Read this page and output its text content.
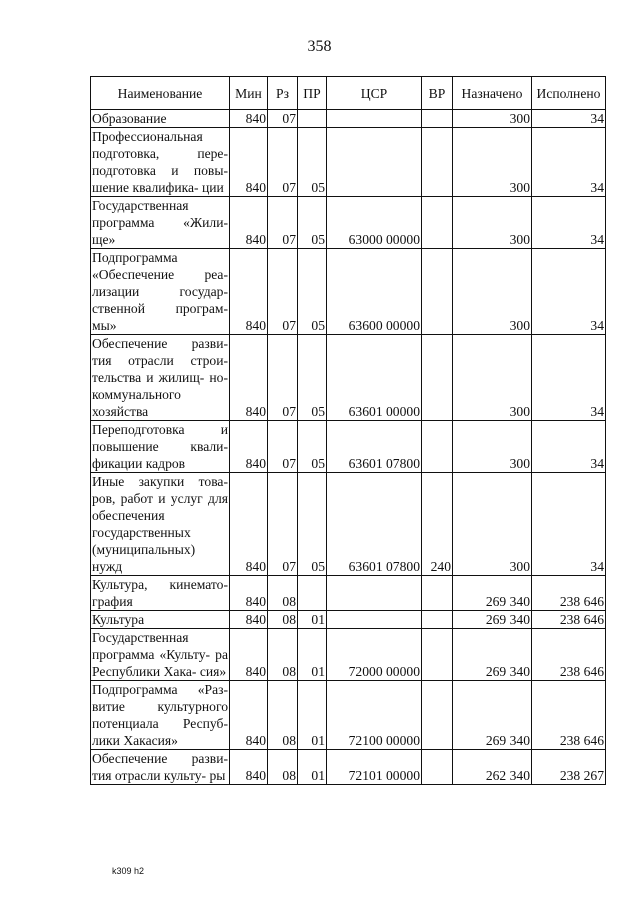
358
Наименование	Мин	Рз	ПР	ЦСР	ВР	Назначено	Исполнено
Образование	840	07				300	34
Профессиональная подготовка, пере- подготовка и повы- шение квалифика- ции	840	07	05			300	34
Государственная программа «Жили- ще»	840	07	05	63000 00000		300	34
Подпрограмма «Обеспечение реа- лизации государ- ственной програм- мы»	840	07	05	63600 00000		300	34
Обеспечение разви- тия отрасли строи- тельства и жилищ- но-коммунального хозяйства	840	07	05	63601 00000		300	34
Переподготовка и повышение квали- фикации кадров	840	07	05	63601 07800		300	34
Иные закупки това- ров, работ и услуг для обеспечения государственных (муниципальных) нужд	840	07	05	63601 07800	240	300	34
Культура, кинемато- графия	840	08				269 340	238 646
Культура	840	08	01			269 340	238 646
Государственная программа «Культу- ра Республики Хака- сия»	840	08	01	72000 00000		269 340	238 646
Подпрограмма «Раз- витие культурного потенциала Респуб- лики Хакасия»	840	08	01	72100 00000		269 340	238 646
Обеспечение разви- тия отрасли культу- ры	840	08	01	72101 00000		262 340	238 267
k309 h2
